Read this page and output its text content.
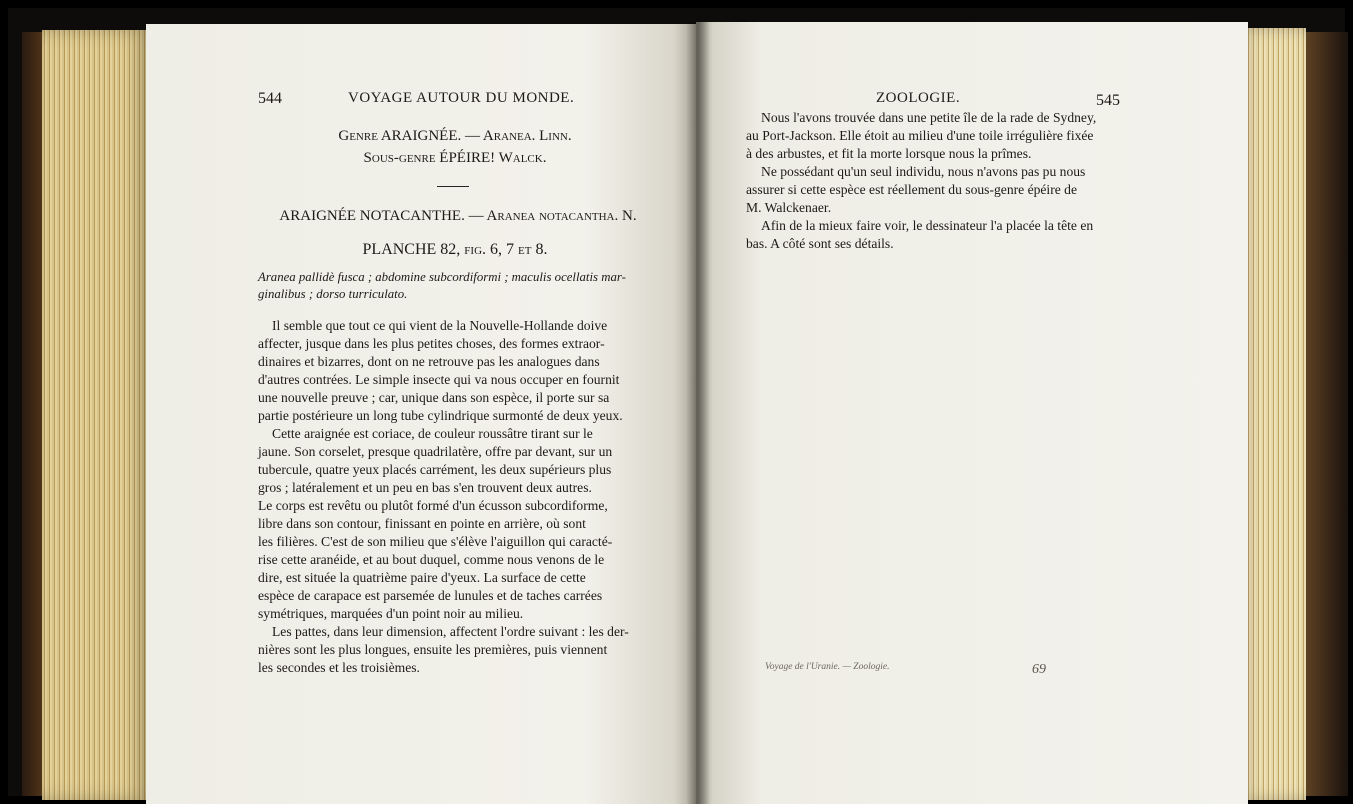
544	VOYAGE AUTOUR DU MONDE.
Genre ARAIGNÉE. — Aranea. Linn.
Sous-genre ÉPÉIRE! Walck.
ARAIGNÉE NOTACANTHE. — Aranea notacantha. N.
PLANCHE 82, fig. 6, 7 et 8.
Aranea pallidè fusca ; abdomine subcordiformi ; maculis ocellatis mar-
ginalibus ; dorso turriculato.
Il semble que tout ce qui vient de la Nouvelle-Hollande doive
affecter, jusque dans les plus petites choses, des formes extraor-
dinaires et bizarres, dont on ne retrouve pas les analogues dans
d'autres contrées. Le simple insecte qui va nous occuper en fournit
une nouvelle preuve ; car, unique dans son espèce, il porte sur sa
partie postérieure un long tube cylindrique surmonté de deux yeux.
Cette araignée est coriace, de couleur roussâtre tirant sur le
jaune. Son corselet, presque quadrilatère, offre par devant, sur un
tubercule, quatre yeux placés carrément, les deux supérieurs plus
gros ; latéralement et un peu en bas s'en trouvent deux autres.
Le corps est revêtu ou plutôt formé d'un écusson subcordiforme,
libre dans son contour, finissant en pointe en arrière, où sont
les filières. C'est de son milieu que s'élève l'aiguillon qui caracté-
rise cette aranéide, et au bout duquel, comme nous venons de le
dire, est située la quatrième paire d'yeux. La surface de cette
espèce de carapace est parsemée de lunules et de taches carrées
symétriques, marquées d'un point noir au milieu.
Les pattes, dans leur dimension, affectent l'ordre suivant : les der-
nières sont les plus longues, ensuite les premières, puis viennent
les secondes et les troisièmes.
ZOOLOGIE.	545
Nous l'avons trouvée dans une petite île de la rade de Sydney,
au Port-Jackson. Elle étoit au milieu d'une toile irrégulière fixée
à des arbustes, et fit la morte lorsque nous la prîmes.
Ne possédant qu'un seul individu, nous n'avons pas pu nous
assurer si cette espèce est réellement du sous-genre épéire de
M. Walckenaer.
Afin de la mieux faire voir, le dessinateur l'a placée la tête en
bas. A côté sont ses détails.
Voyage de l'Uranie. — Zoologie.	69
